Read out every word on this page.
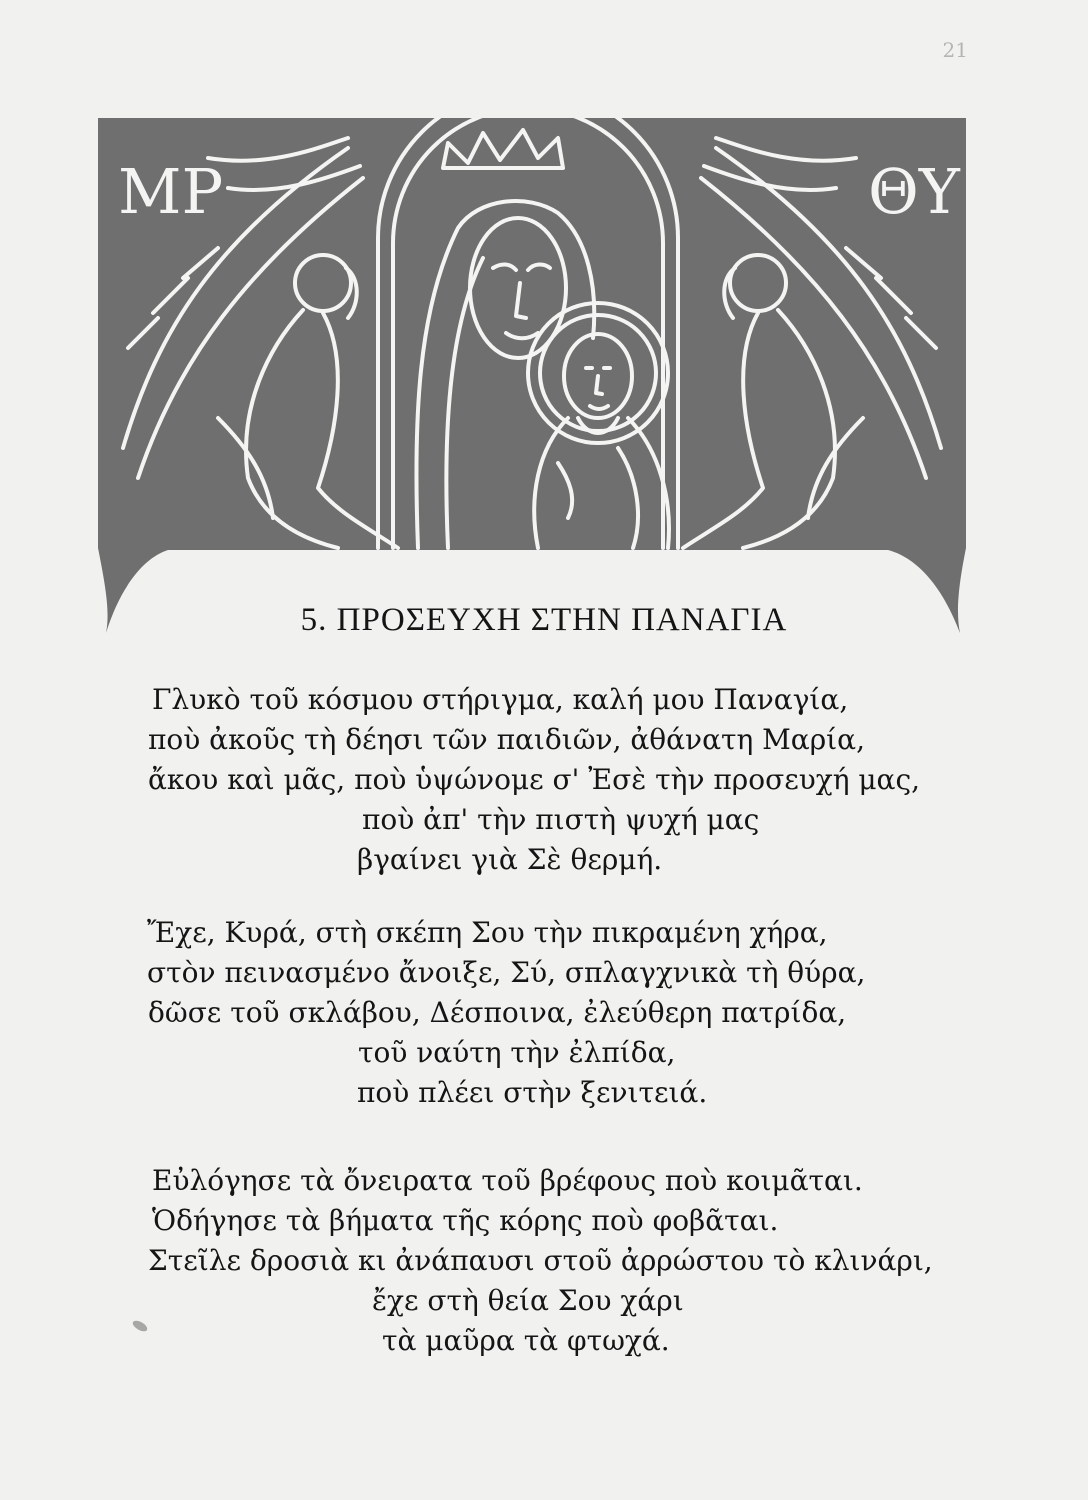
21
ΜΡ	ΘΥ
5. ΠΡΟΣΕΥΧΗ ΣΤΗΝ ΠΑΝΑΓΙΑ
Γλυκὸ τοῦ κόσμου στήριγμα, καλή μου Παναγία,
ποὺ ἀκοῦς τὴ δέησι τῶν παιδιῶν, ἀθάνατη Μαρία,
ἄκου καὶ μᾶς, ποὺ ὑψώνομε σ' Ἐσὲ τὴν προσευχή μας,
ποὺ ἀπ' τὴν πιστὴ ψυχή μας
βγαίνει γιὰ Σὲ θερμή.
Ἔχε, Κυρά, στὴ σκέπη Σου τὴν πικραμένη χήρα,
στὸν πεινασμένο ἄνοιξε, Σύ, σπλαγχνικὰ τὴ θύρα,
δῶσε τοῦ σκλάβου, Δέσποινα, ἐλεύθερη πατρίδα,
τοῦ ναύτη τὴν ἐλπίδα,
ποὺ πλέει στὴν ξενιτειά.
Εὐλόγησε τὰ ὄνειρατα τοῦ βρέφους ποὺ κοιμᾶται.
Ὁδήγησε τὰ βήματα τῆς κόρης ποὺ φοβᾶται.
Στεῖλε δροσιὰ κι ἀνάπαυσι στοῦ ἀρρώστου τὸ κλινάρι,
ἔχε στὴ θεία Σου χάρι
τὰ μαῦρα τὰ φτωχά.
